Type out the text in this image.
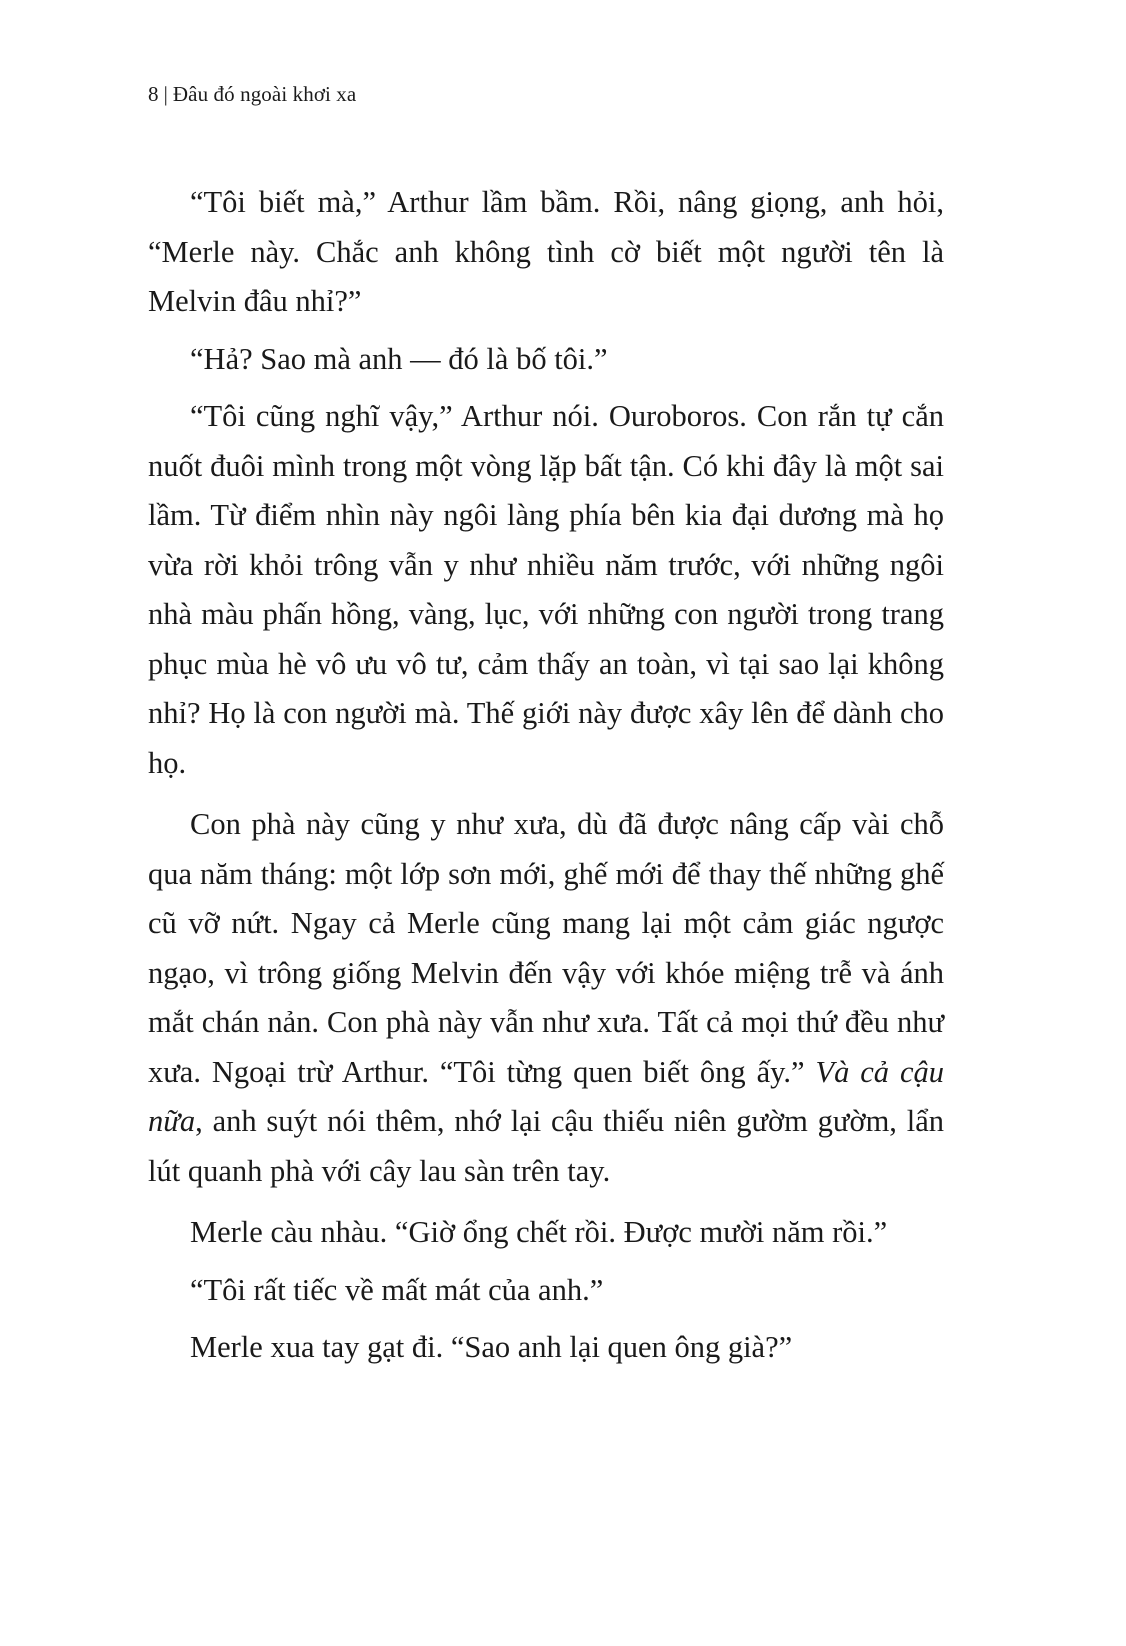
8 | Đâu đó ngoài khơi xa

“Tôi biết mà,” Arthur lầm bầm. Rồi, nâng giọng, anh hỏi, “Merle này. Chắc anh không tình cờ biết một người tên là Melvin đâu nhỉ?”

“Hả? Sao mà anh — đó là bố tôi.”

“Tôi cũng nghĩ vậy,” Arthur nói. Ouroboros. Con rắn tự cắn nuốt đuôi mình trong một vòng lặp bất tận. Có khi đây là một sai lầm. Từ điểm nhìn này ngôi làng phía bên kia đại dương mà họ vừa rời khỏi trông vẫn y như nhiều năm trước, với những ngôi nhà màu phấn hồng, vàng, lục, với những con người trong trang phục mùa hè vô ưu vô tư, cảm thấy an toàn, vì tại sao lại không nhỉ? Họ là con người mà. Thế giới này được xây lên để dành cho họ.

Con phà này cũng y như xưa, dù đã được nâng cấp vài chỗ qua năm tháng: một lớp sơn mới, ghế mới để thay thế những ghế cũ vỡ nứt. Ngay cả Merle cũng mang lại một cảm giác ngược ngạo, vì trông giống Melvin đến vậy với khóe miệng trễ và ánh mắt chán nản. Con phà này vẫn như xưa. Tất cả mọi thứ đều như xưa. Ngoại trừ Arthur. “Tôi từng quen biết ông ấy.” Và cả cậu nữa, anh suýt nói thêm, nhớ lại cậu thiếu niên gườm gườm, lẩn lút quanh phà với cây lau sàn trên tay.

Merle càu nhàu. “Giờ ổng chết rồi. Được mười năm rồi.”

“Tôi rất tiếc về mất mát của anh.”

Merle xua tay gạt đi. “Sao anh lại quen ông già?”
